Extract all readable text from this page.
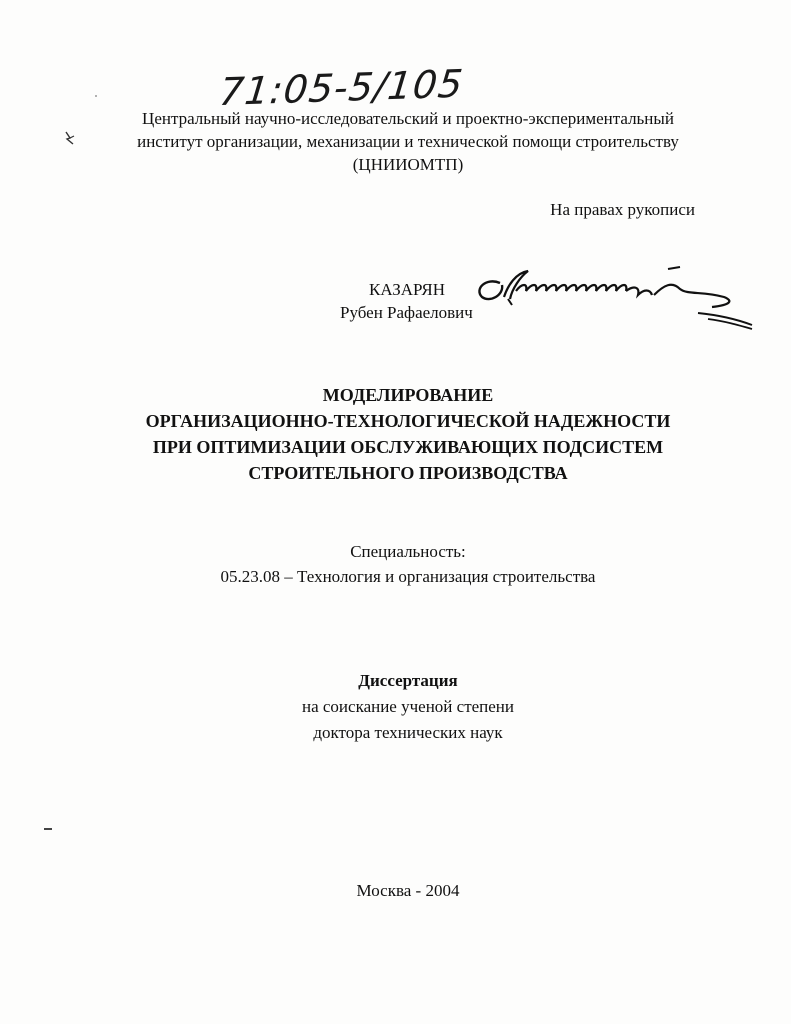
71:05-5/105
Центральный научно-исследовательский и проектно-экспериментальный
институт организации, механизации и технической помощи строительству
(ЦНИИОМТП)
На правах рукописи
КАЗАРЯН
Рубен Рафаелович
МОДЕЛИРОВАНИЕ
ОРГАНИЗАЦИОННО-ТЕХНОЛОГИЧЕСКОЙ НАДЕЖНОСТИ
ПРИ ОПТИМИЗАЦИИ ОБСЛУЖИВАЮЩИХ ПОДСИСТЕМ
СТРОИТЕЛЬНОГО ПРОИЗВОДСТВА
Специальность:
05.23.08 – Технология и организация строительства
Диссертация
на соискание ученой степени
доктора технических наук
Москва - 2004
